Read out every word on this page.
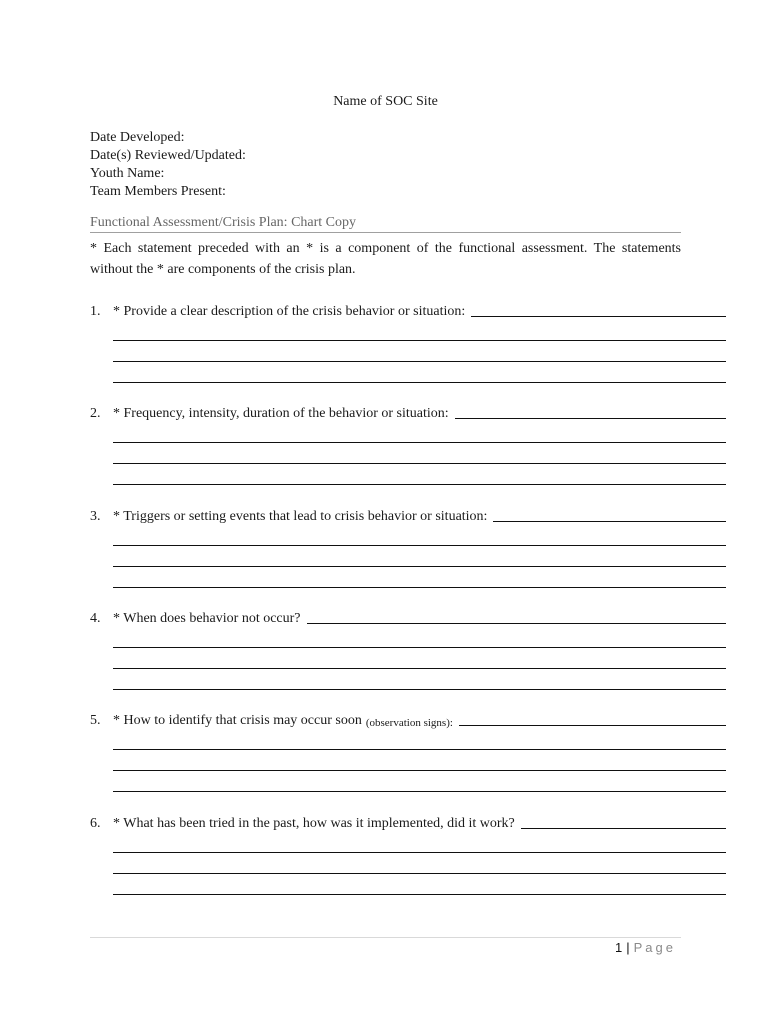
Name of SOC Site
Date Developed:
Date(s) Reviewed/Updated:
Youth Name:
Team Members Present:
Functional Assessment/Crisis Plan: Chart Copy
* Each statement preceded with an * is a component of the functional assessment. The statements without the * are components of the crisis plan.
1. * Provide a clear description of the crisis behavior or situation:
2. * Frequency, intensity, duration of the behavior or situation:
3. * Triggers or setting events that lead to crisis behavior or situation:
4. * When does behavior not occur?
5. * How to identify that crisis may occur soon (observation signs):
6. * What has been tried in the past, how was it implemented, did it work?
1 | Page
